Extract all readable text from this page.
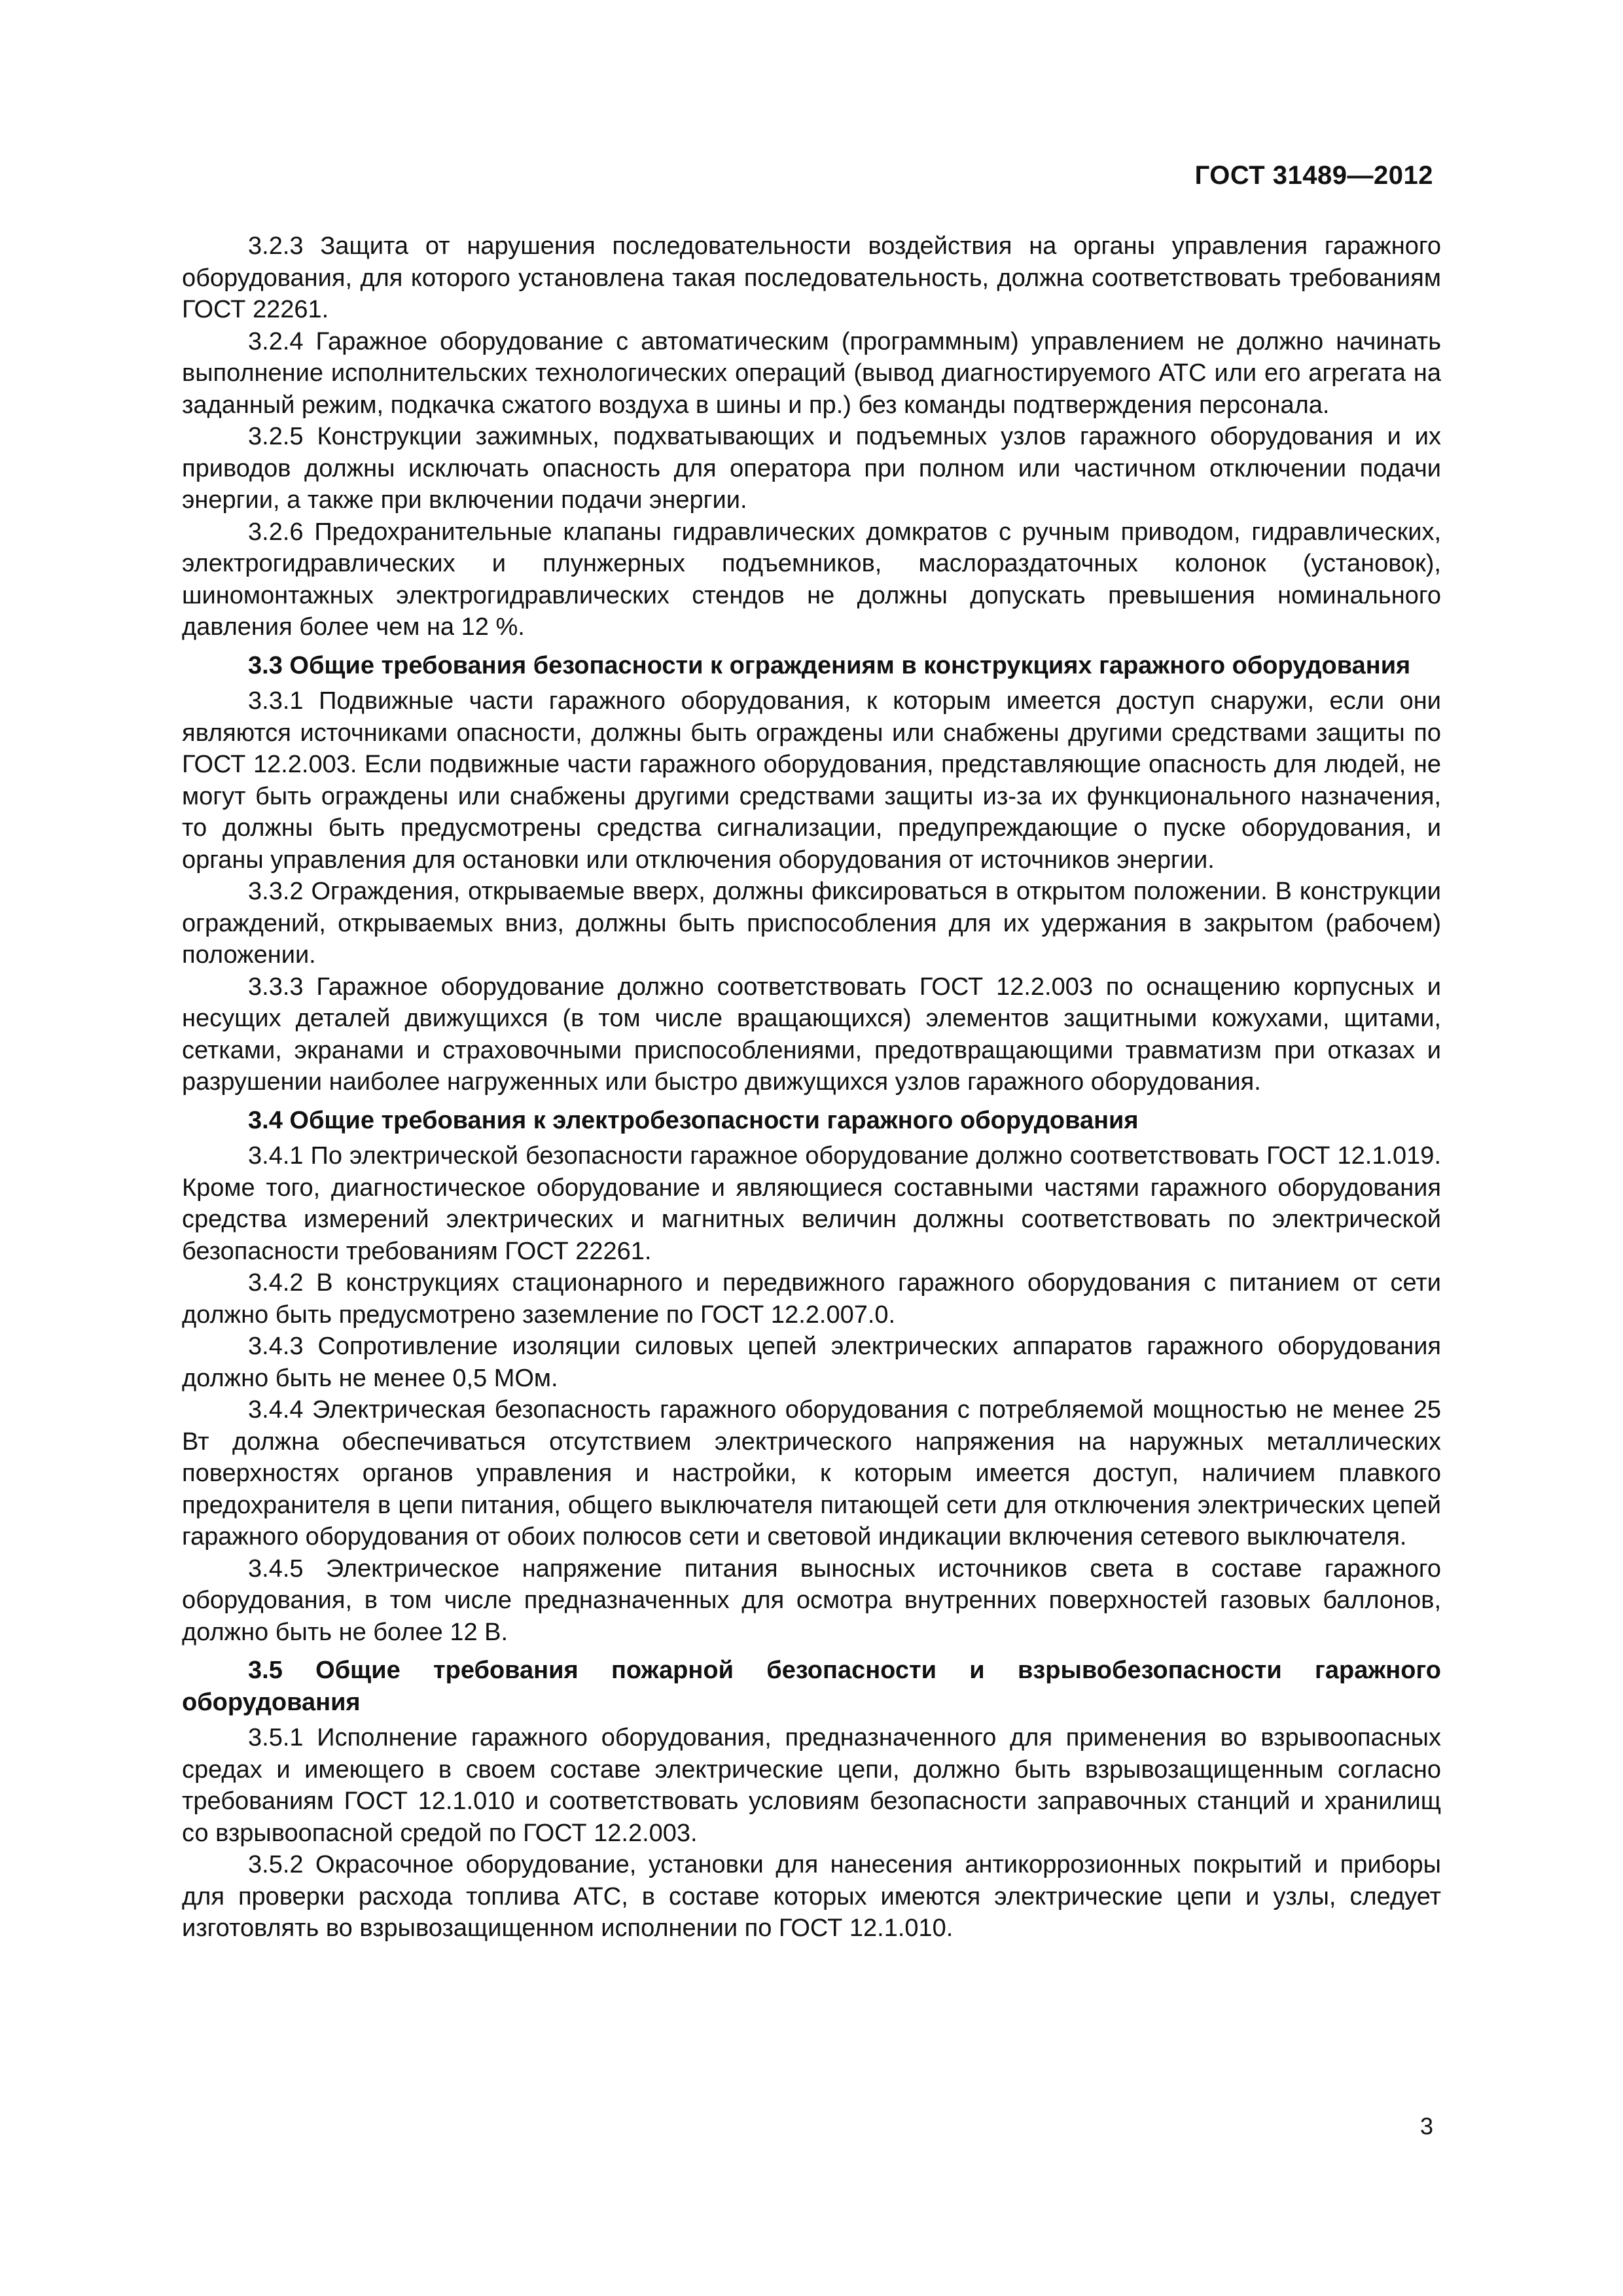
ГОСТ 31489—2012

3.2.3 Защита от нарушения последовательности воздействия на органы управления гаражного оборудования, для которого установлена такая последовательность, должна соответствовать требованиям ГОСТ 22261.

3.2.4 Гаражное оборудование с автоматическим (программным) управлением не должно начинать выполнение исполнительских технологических операций (вывод диагностируемого АТС или его агрегата на заданный режим, подкачка сжатого воздуха в шины и пр.) без команды подтверждения персонала.

3.2.5 Конструкции зажимных, подхватывающих и подъемных узлов гаражного оборудования и их приводов должны исключать опасность для оператора при полном или частичном отключении подачи энергии, а также при включении подачи энергии.

3.2.6 Предохранительные клапаны гидравлических домкратов с ручным приводом, гидравлических, электрогидравлических и плунжерных подъемников, маслораздаточных колонок (установок), шиномонтажных электрогидравлических стендов не должны допускать превышения номинального давления более чем на 12 %.

3.3 Общие требования безопасности к ограждениям в конструкциях гаражного оборудования

3.3.1 Подвижные части гаражного оборудования, к которым имеется доступ снаружи, если они являются источниками опасности, должны быть ограждены или снабжены другими средствами защиты по ГОСТ 12.2.003. Если подвижные части гаражного оборудования, представляющие опасность для людей, не могут быть ограждены или снабжены другими средствами защиты из-за их функционального назначения, то должны быть предусмотрены средства сигнализации, предупреждающие о пуске оборудования, и органы управления для остановки или отключения оборудования от источников энергии.

3.3.2 Ограждения, открываемые вверх, должны фиксироваться в открытом положении. В конструкции ограждений, открываемых вниз, должны быть приспособления для их удержания в закрытом (рабочем) положении.

3.3.3 Гаражное оборудование должно соответствовать ГОСТ 12.2.003 по оснащению корпусных и несущих деталей движущихся (в том числе вращающихся) элементов защитными кожухами, щитами, сетками, экранами и страховочными приспособлениями, предотвращающими травматизм при отказах и разрушении наиболее нагруженных или быстро движущихся узлов гаражного оборудования.

3.4 Общие требования к электробезопасности гаражного оборудования

3.4.1 По электрической безопасности гаражное оборудование должно соответствовать ГОСТ 12.1.019. Кроме того, диагностическое оборудование и являющиеся составными частями гаражного оборудования средства измерений электрических и магнитных величин должны соответствовать по электрической безопасности требованиям ГОСТ 22261.

3.4.2 В конструкциях стационарного и передвижного гаражного оборудования с питанием от сети должно быть предусмотрено заземление по ГОСТ 12.2.007.0.

3.4.3 Сопротивление изоляции силовых цепей электрических аппаратов гаражного оборудования должно быть не менее 0,5 МОм.

3.4.4 Электрическая безопасность гаражного оборудования с потребляемой мощностью не менее 25 Вт должна обеспечиваться отсутствием электрического напряжения на наружных металлических поверхностях органов управления и настройки, к которым имеется доступ, наличием плавкого предохранителя в цепи питания, общего выключателя питающей сети для отключения электрических цепей гаражного оборудования от обоих полюсов сети и световой индикации включения сетевого выключателя.

3.4.5 Электрическое напряжение питания выносных источников света в составе гаражного оборудования, в том числе предназначенных для осмотра внутренних поверхностей газовых баллонов, должно быть не более 12 В.

3.5 Общие требования пожарной безопасности и взрывобезопасности гаражного оборудования

3.5.1 Исполнение гаражного оборудования, предназначенного для применения во взрывоопасных средах и имеющего в своем составе электрические цепи, должно быть взрывозащищенным согласно требованиям ГОСТ 12.1.010 и соответствовать условиям безопасности заправочных станций и хранилищ со взрывоопасной средой по ГОСТ 12.2.003.

3.5.2 Окрасочное оборудование, установки для нанесения антикоррозионных покрытий и приборы для проверки расхода топлива АТС, в составе которых имеются электрические цепи и узлы, следует изготовлять во взрывозащищенном исполнении по ГОСТ 12.1.010.

3
